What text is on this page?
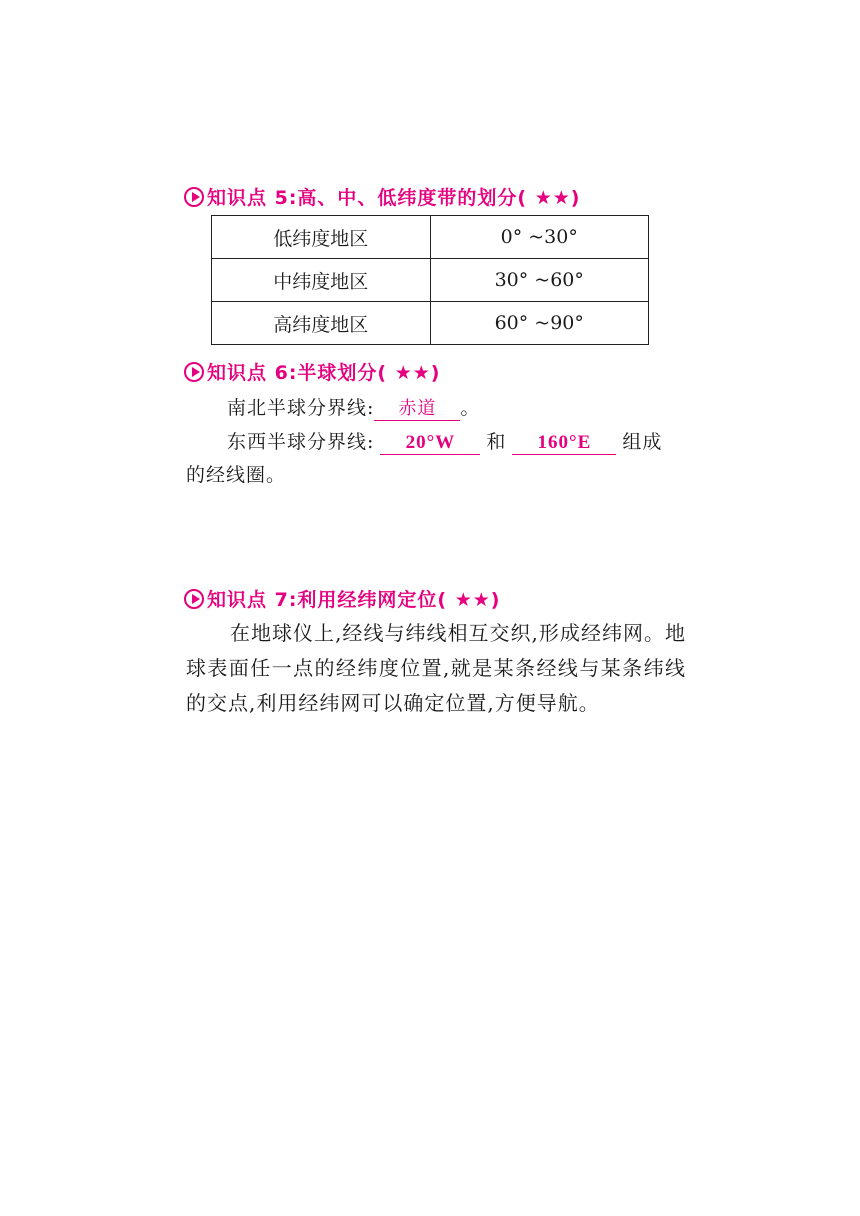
知识点 5:高、中、低纬度带的划分( ★★)
低纬度地区	0° ~30°
中纬度地区	30° ~60°
高纬度地区	60° ~90°
知识点 6:半球划分( ★★)
南北半球分界线: 赤道 。
东西半球分界线: 20°W 和 160°E 组成
的经线圈。
知识点 7:利用经纬网定位( ★★)
在地球仪上,经线与纬线相互交织,形成经纬网。地球表面任一点的经纬度位置,就是某条经线与某条纬线的交点,利用经纬网可以确定位置,方便导航。
